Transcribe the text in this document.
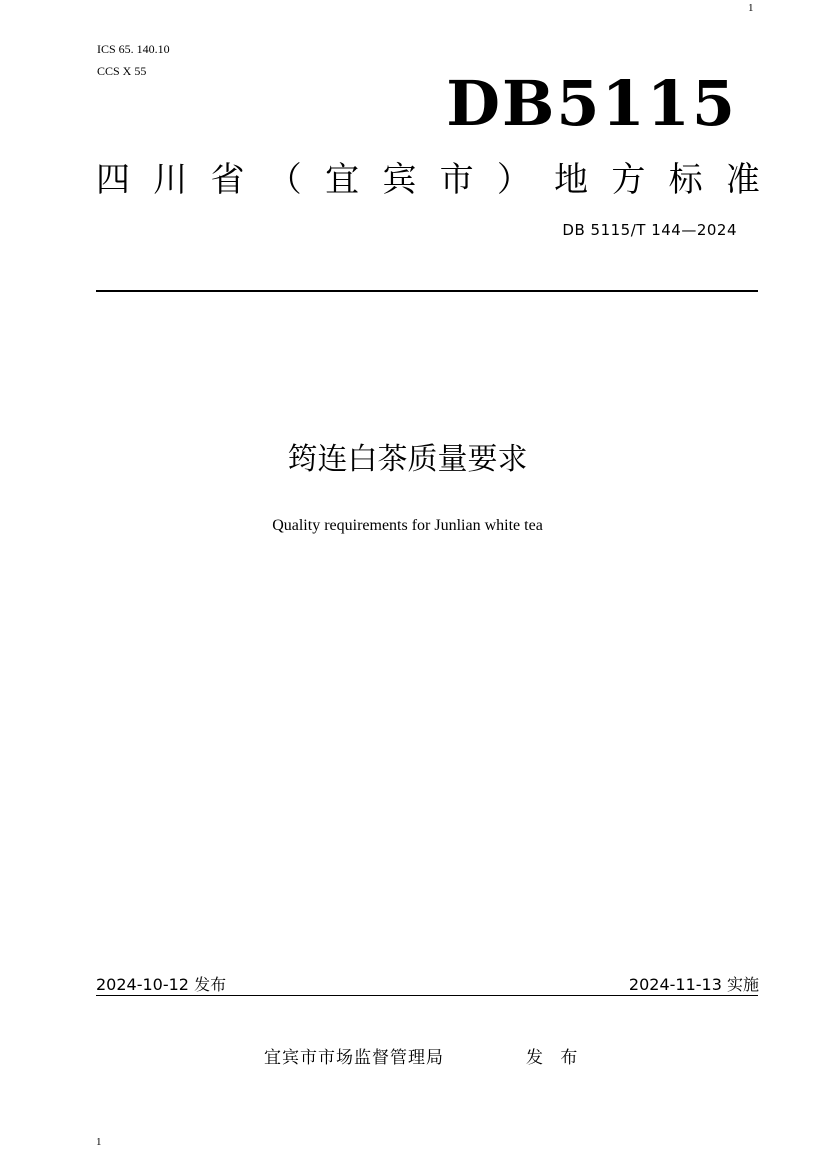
1
ICS 65. 140.10
CCS X 55	DB5115
四 川 省 （ 宜 宾 市 ） 地 方 标 准
DB 5115/T 144—2024
筠连白茶质量要求
Quality requirements for Junlian white tea
2024-10-12 发布	2024-11-13 实施
宜宾市市场监督管理局	发 布
1
